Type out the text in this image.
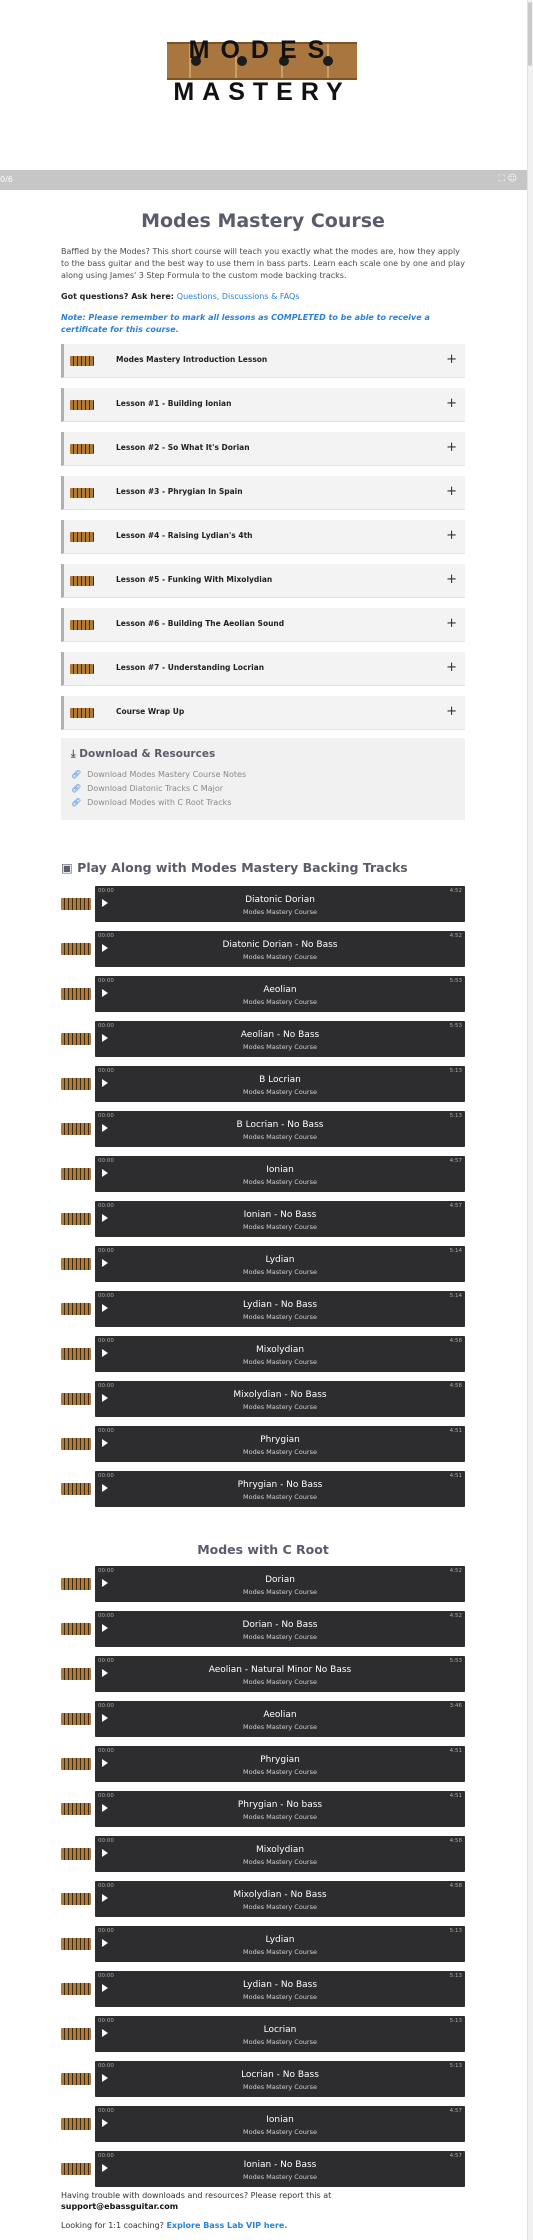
MODES
MASTERY
0/6	⛶ ☺
Modes Mastery Course
Baffled by the Modes? This short course will teach you exactly what the modes are, how they apply to the bass guitar and the best way to use them in bass parts. Learn each scale one by one and play along using James' 3 Step Formula to the custom mode backing tracks.
Got questions? Ask here: Questions, Discussions & FAQs
Note: Please remember to mark all lessons as COMPLETED to be able to receive a certificate for this course.
Modes Mastery Introduction Lesson	+
Lesson #1 - Building Ionian	+
Lesson #2 - So What It's Dorian	+
Lesson #3 - Phrygian In Spain	+
Lesson #4 - Raising Lydian's 4th	+
Lesson #5 - Funking With Mixolydian	+
Lesson #6 - Building The Aeolian Sound	+
Lesson #7 - Understanding Locrian	+
Course Wrap Up	+
⤓ Download & Resources
🔗︎ Download Modes Mastery Course Notes
🔗︎ Download Diatonic Tracks C Major
🔗︎ Download Modes with C Root Tracks
▣ Play Along with Modes Mastery Backing Tracks
00:00	4:52
Diatonic Dorian
Modes Mastery Course
00:00	4:52
Diatonic Dorian - No Bass
Modes Mastery Course
00:00	5:53
Aeolian
Modes Mastery Course
00:00	5:53
Aeolian - No Bass
Modes Mastery Course
00:00	5:13
B Locrian
Modes Mastery Course
00:00	5:13
B Locrian - No Bass
Modes Mastery Course
00:00	4:57
Ionian
Modes Mastery Course
00:00	4:57
Ionian - No Bass
Modes Mastery Course
00:00	5:14
Lydian
Modes Mastery Course
00:00	5:14
Lydian - No Bass
Modes Mastery Course
00:00	4:58
Mixolydian
Modes Mastery Course
00:00	4:58
Mixolydian - No Bass
Modes Mastery Course
00:00	4:51
Phrygian
Modes Mastery Course
00:00	4:51
Phrygian - No Bass
Modes Mastery Course
Modes with C Root
00:00	4:52
Dorian
Modes Mastery Course
00:00	4:52
Dorian - No Bass
Modes Mastery Course
00:00	5:53
Aeolian - Natural Minor No Bass
Modes Mastery Course
00:00	3:46
Aeolian
Modes Mastery Course
00:00	4:51
Phrygian
Modes Mastery Course
00:00	4:51
Phrygian - No bass
Modes Mastery Course
00:00	4:58
Mixolydian
Modes Mastery Course
00:00	4:58
Mixolydian - No Bass
Modes Mastery Course
00:00	5:13
Lydian
Modes Mastery Course
00:00	5:13
Lydian - No Bass
Modes Mastery Course
00:00	5:13
Locrian
Modes Mastery Course
00:00	5:13
Locrian - No Bass
Modes Mastery Course
00:00	4:57
Ionian
Modes Mastery Course
00:00	4:57
Ionian - No Bass
Modes Mastery Course
Having trouble with downloads and resources? Please report this at
support@ebassguitar.com
Looking for 1:1 coaching? Explore Bass Lab VIP here.
